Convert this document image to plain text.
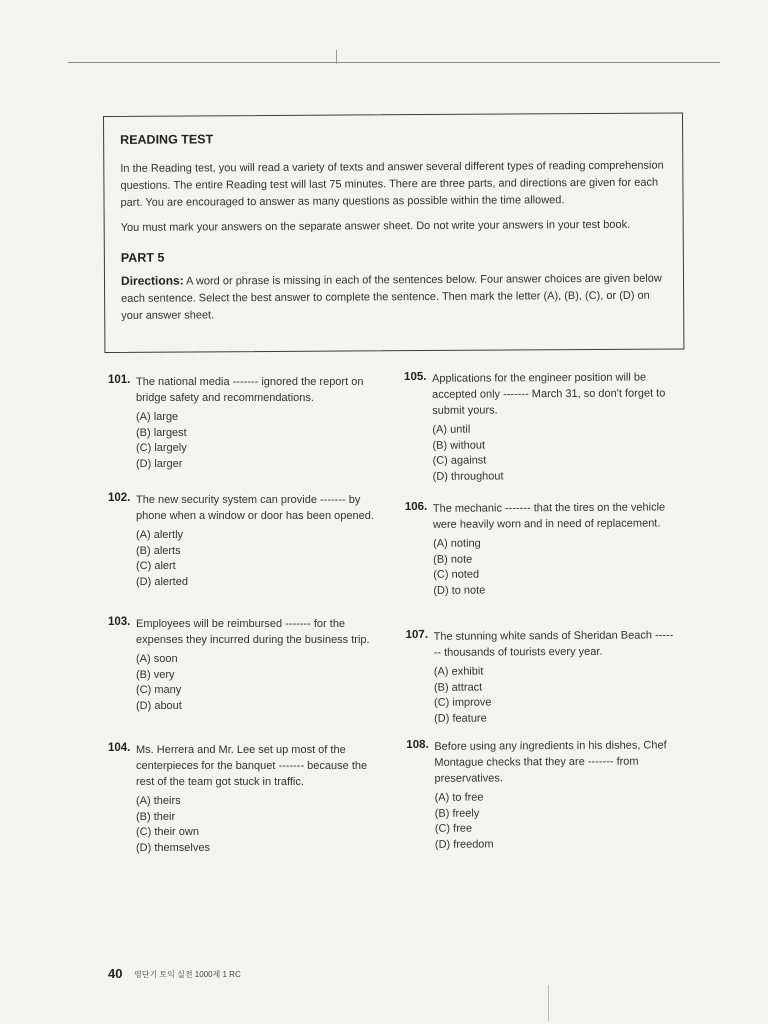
READING TEST

In the Reading test, you will read a variety of texts and answer several different types of reading comprehension questions. The entire Reading test will last 75 minutes. There are three parts, and directions are given for each part. You are encouraged to answer as many questions as possible within the time allowed.

You must mark your answers on the separate answer sheet. Do not write your answers in your test book.

PART 5

Directions: A word or phrase is missing in each of the sentences below. Four answer choices are given below each sentence. Select the best answer to complete the sentence. Then mark the letter (A), (B), (C), or (D) on your answer sheet.

101. The national media ------- ignored the report on bridge safety and recommendations.
(A) large
(B) largest
(C) largely
(D) larger
102. The new security system can provide ------- by phone when a window or door has been opened.
(A) alertly
(B) alerts
(C) alert
(D) alerted
103. Employees will be reimbursed ------- for the expenses they incurred during the business trip.
(A) soon
(B) very
(C) many
(D) about
104. Ms. Herrera and Mr. Lee set up most of the centerpieces for the banquet ------- because the rest of the team got stuck in traffic.
(A) theirs
(B) their
(C) their own
(D) themselves
105. Applications for the engineer position will be accepted only ------- March 31, so don't forget to submit yours.
(A) until
(B) without
(C) against
(D) throughout
106. The mechanic ------- that the tires on the vehicle were heavily worn and in need of replacement.
(A) noting
(B) note
(C) noted
(D) to note
107. The stunning white sands of Sheridan Beach ------- thousands of tourists every year.
(A) exhibit
(B) attract
(C) improve
(D) feature
108. Before using any ingredients in his dishes, Chef Montague checks that they are ------- from preservatives.
(A) to free
(B) freely
(C) free
(D) freedom
40 영단기 토익 실전 1000제 1 RC
